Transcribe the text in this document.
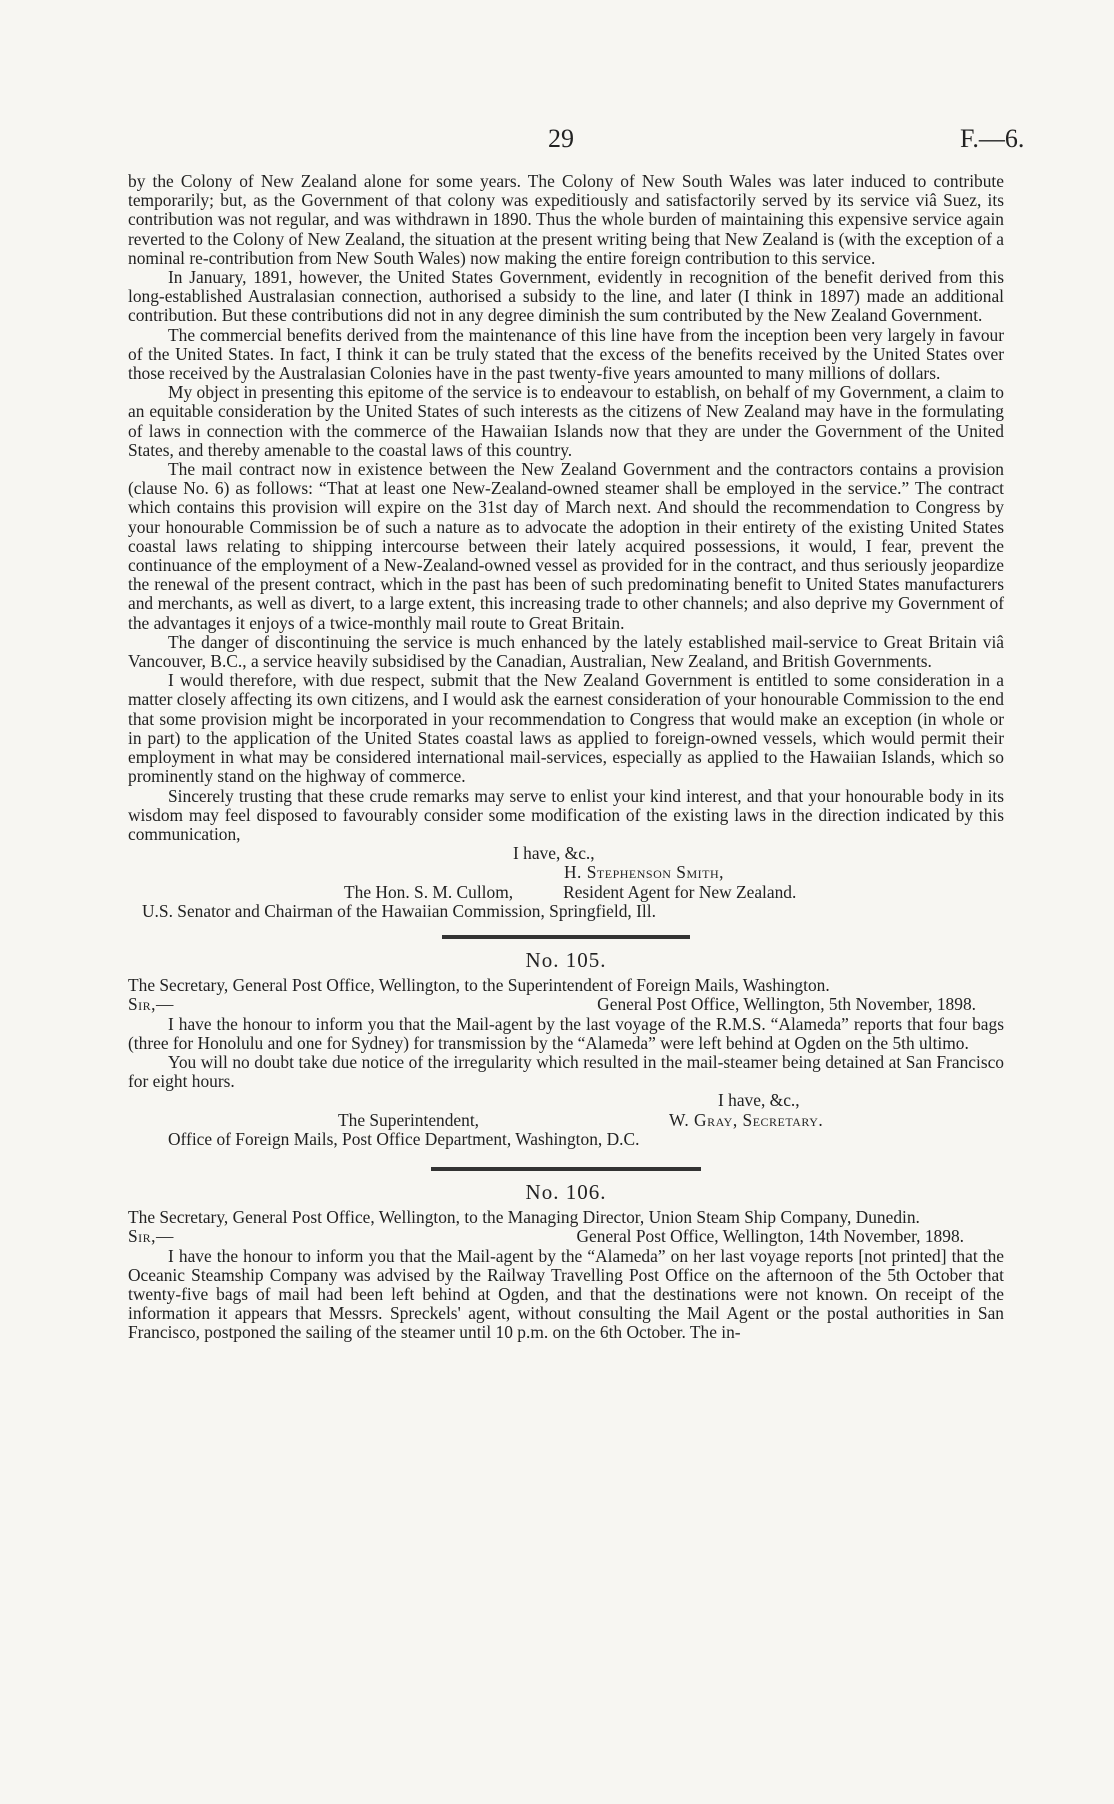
29	F.—6.

by the Colony of New Zealand alone for some years. The Colony of New South Wales was later induced to contribute temporarily; but, as the Government of that colony was expeditiously and satisfactorily served by its service viâ Suez, its contribution was not regular, and was withdrawn in 1890. Thus the whole burden of maintaining this expensive service again reverted to the Colony of New Zealand, the situation at the present writing being that New Zealand is (with the exception of a nominal re-contribution from New South Wales) now making the entire foreign contribution to this service.

In January, 1891, however, the United States Government, evidently in recognition of the benefit derived from this long-established Australasian connection, authorised a subsidy to the line, and later (I think in 1897) made an additional contribution. But these contributions did not in any degree diminish the sum contributed by the New Zealand Government.

The commercial benefits derived from the maintenance of this line have from the inception been very largely in favour of the United States. In fact, I think it can be truly stated that the excess of the benefits received by the United States over those received by the Australasian Colonies have in the past twenty-five years amounted to many millions of dollars.

My object in presenting this epitome of the service is to endeavour to establish, on behalf of my Government, a claim to an equitable consideration by the United States of such interests as the citizens of New Zealand may have in the formulating of laws in connection with the commerce of the Hawaiian Islands now that they are under the Government of the United States, and thereby amenable to the coastal laws of this country.

The mail contract now in existence between the New Zealand Government and the contractors contains a provision (clause No. 6) as follows: “That at least one New-Zealand-owned steamer shall be employed in the service.” The contract which contains this provision will expire on the 31st day of March next. And should the recommendation to Congress by your honourable Commission be of such a nature as to advocate the adoption in their entirety of the existing United States coastal laws relating to shipping intercourse between their lately acquired possessions, it would, I fear, prevent the continuance of the employment of a New-Zealand-owned vessel as provided for in the contract, and thus seriously jeopardize the renewal of the present contract, which in the past has been of such predominating benefit to United States manufacturers and merchants, as well as divert, to a large extent, this increasing trade to other channels; and also deprive my Government of the advantages it enjoys of a twice-monthly mail route to Great Britain.

The danger of discontinuing the service is much enhanced by the lately established mail-service to Great Britain viâ Vancouver, B.C., a service heavily subsidised by the Canadian, Australian, New Zealand, and British Governments.

I would therefore, with due respect, submit that the New Zealand Government is entitled to some consideration in a matter closely affecting its own citizens, and I would ask the earnest consideration of your honourable Commission to the end that some provision might be incorporated in your recommendation to Congress that would make an exception (in whole or in part) to the application of the United States coastal laws as applied to foreign-owned vessels, which would permit their employment in what may be considered international mail-services, especially as applied to the Hawaiian Islands, which so prominently stand on the highway of commerce.

Sincerely trusting that these crude remarks may serve to enlist your kind interest, and that your honourable body in its wisdom may feel disposed to favourably consider some modification of the existing laws in the direction indicated by this communication,

I have, &c.,

H. Stephenson Smith,

The Hon. S. M. Cullom,	Resident Agent for New Zealand.

U.S. Senator and Chairman of the Hawaiian Commission, Springfield, Ill.

No. 105.

The Secretary, General Post Office, Wellington, to the Superintendent of Foreign Mails, Washington.

Sir,—	General Post Office, Wellington, 5th November, 1898.

I have the honour to inform you that the Mail-agent by the last voyage of the R.M.S. “Alameda” reports that four bags (three for Honolulu and one for Sydney) for transmission by the “Alameda” were left behind at Ogden on the 5th ultimo.

You will no doubt take due notice of the irregularity which resulted in the mail-steamer being detained at San Francisco for eight hours.

I have, &c.,

The Superintendent,	W. Gray, Secretary.

Office of Foreign Mails, Post Office Department, Washington, D.C.

No. 106.

The Secretary, General Post Office, Wellington, to the Managing Director, Union Steam Ship Company, Dunedin.

Sir,—	General Post Office, Wellington, 14th November, 1898.

I have the honour to inform you that the Mail-agent by the “Alameda” on her last voyage reports [not printed] that the Oceanic Steamship Company was advised by the Railway Travelling Post Office on the afternoon of the 5th October that twenty-five bags of mail had been left behind at Ogden, and that the destinations were not known. On receipt of the information it appears that Messrs. Spreckels' agent, without consulting the Mail Agent or the postal authorities in San Francisco, postponed the sailing of the steamer until 10 p.m. on the 6th October. The in-
